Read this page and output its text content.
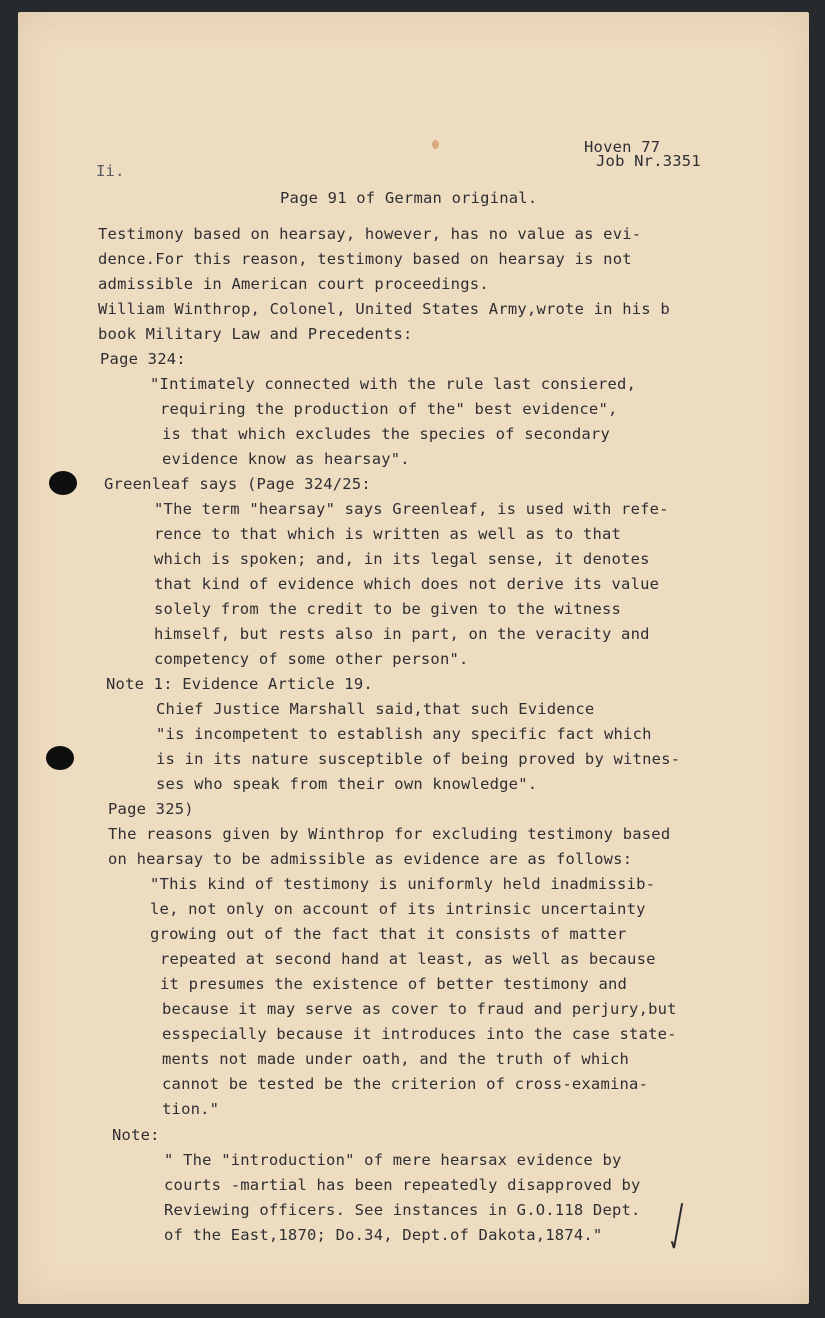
Ii.
Hoven 77
Job Nr.3351
Page 91 of German original.
Testimony based on hearsay, however, has no value as evi-
dence.For this reason, testimony based on hearsay is not
admissible in American court proceedings.
William Winthrop, Colonel, United States Army,wrote in his b
book Military Law and Precedents:
Page 324:
"Intimately connected with the rule last consiered,
requiring the production of the" best evidence",
is that which excludes the species of secondary
evidence know as hearsay".
Greenleaf says (Page 324/25:
"The term "hearsay" says Greenleaf, is used with refe-
rence to that which is written as well as to that
which is spoken; and, in its legal sense, it denotes
that kind of evidence which does not derive its value
solely from the credit to be given to the witness
himself, but rests also in part, on the veracity and
competency of some other person".
Note 1: Evidence Article 19.
Chief Justice Marshall said,that such Evidence
"is incompetent to establish any specific fact which
is in its nature susceptible of being proved by witnes-
ses who speak from their own knowledge".
Page 325)
The reasons given by Winthrop for excluding testimony based
on hearsay to be admissible as evidence are as follows:
"This kind of testimony is uniformly held inadmissib-
le, not only on account of its intrinsic uncertainty
growing out of the fact that it consists of matter
repeated at second hand at least, as well as because
it presumes the existence of better testimony and
because it may serve as cover to fraud and perjury,but
esspecially because it introduces into the case state-
ments not made under oath, and the truth of which
cannot be tested be the criterion of cross-examina-
tion."
Note:
" The "introduction" of mere hearsax evidence by
courts -martial has been repeatedly disapproved by
Reviewing officers. See instances in G.O.118 Dept.
of the East,1870; Do.34, Dept.of Dakota,1874."
